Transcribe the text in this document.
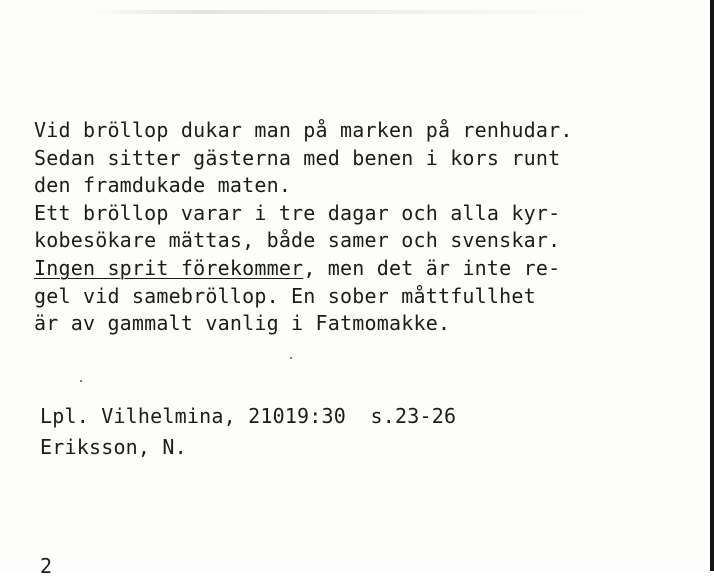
Vid bröllop dukar man på marken på renhudar.
Sedan sitter gästerna med benen i kors runt
den framdukade maten.
Ett bröllop varar i tre dagar och alla kyr-
kobesökare mättas, både samer och svenskar.
Ingen sprit förekommer, men det är inte re-
gel vid samebröllop. En sober måttfullhet
är av gammalt vanlig i Fatmomakke.
Lpl. Vilhelmina, 21019:30  s.23-26
Eriksson, N.
2
